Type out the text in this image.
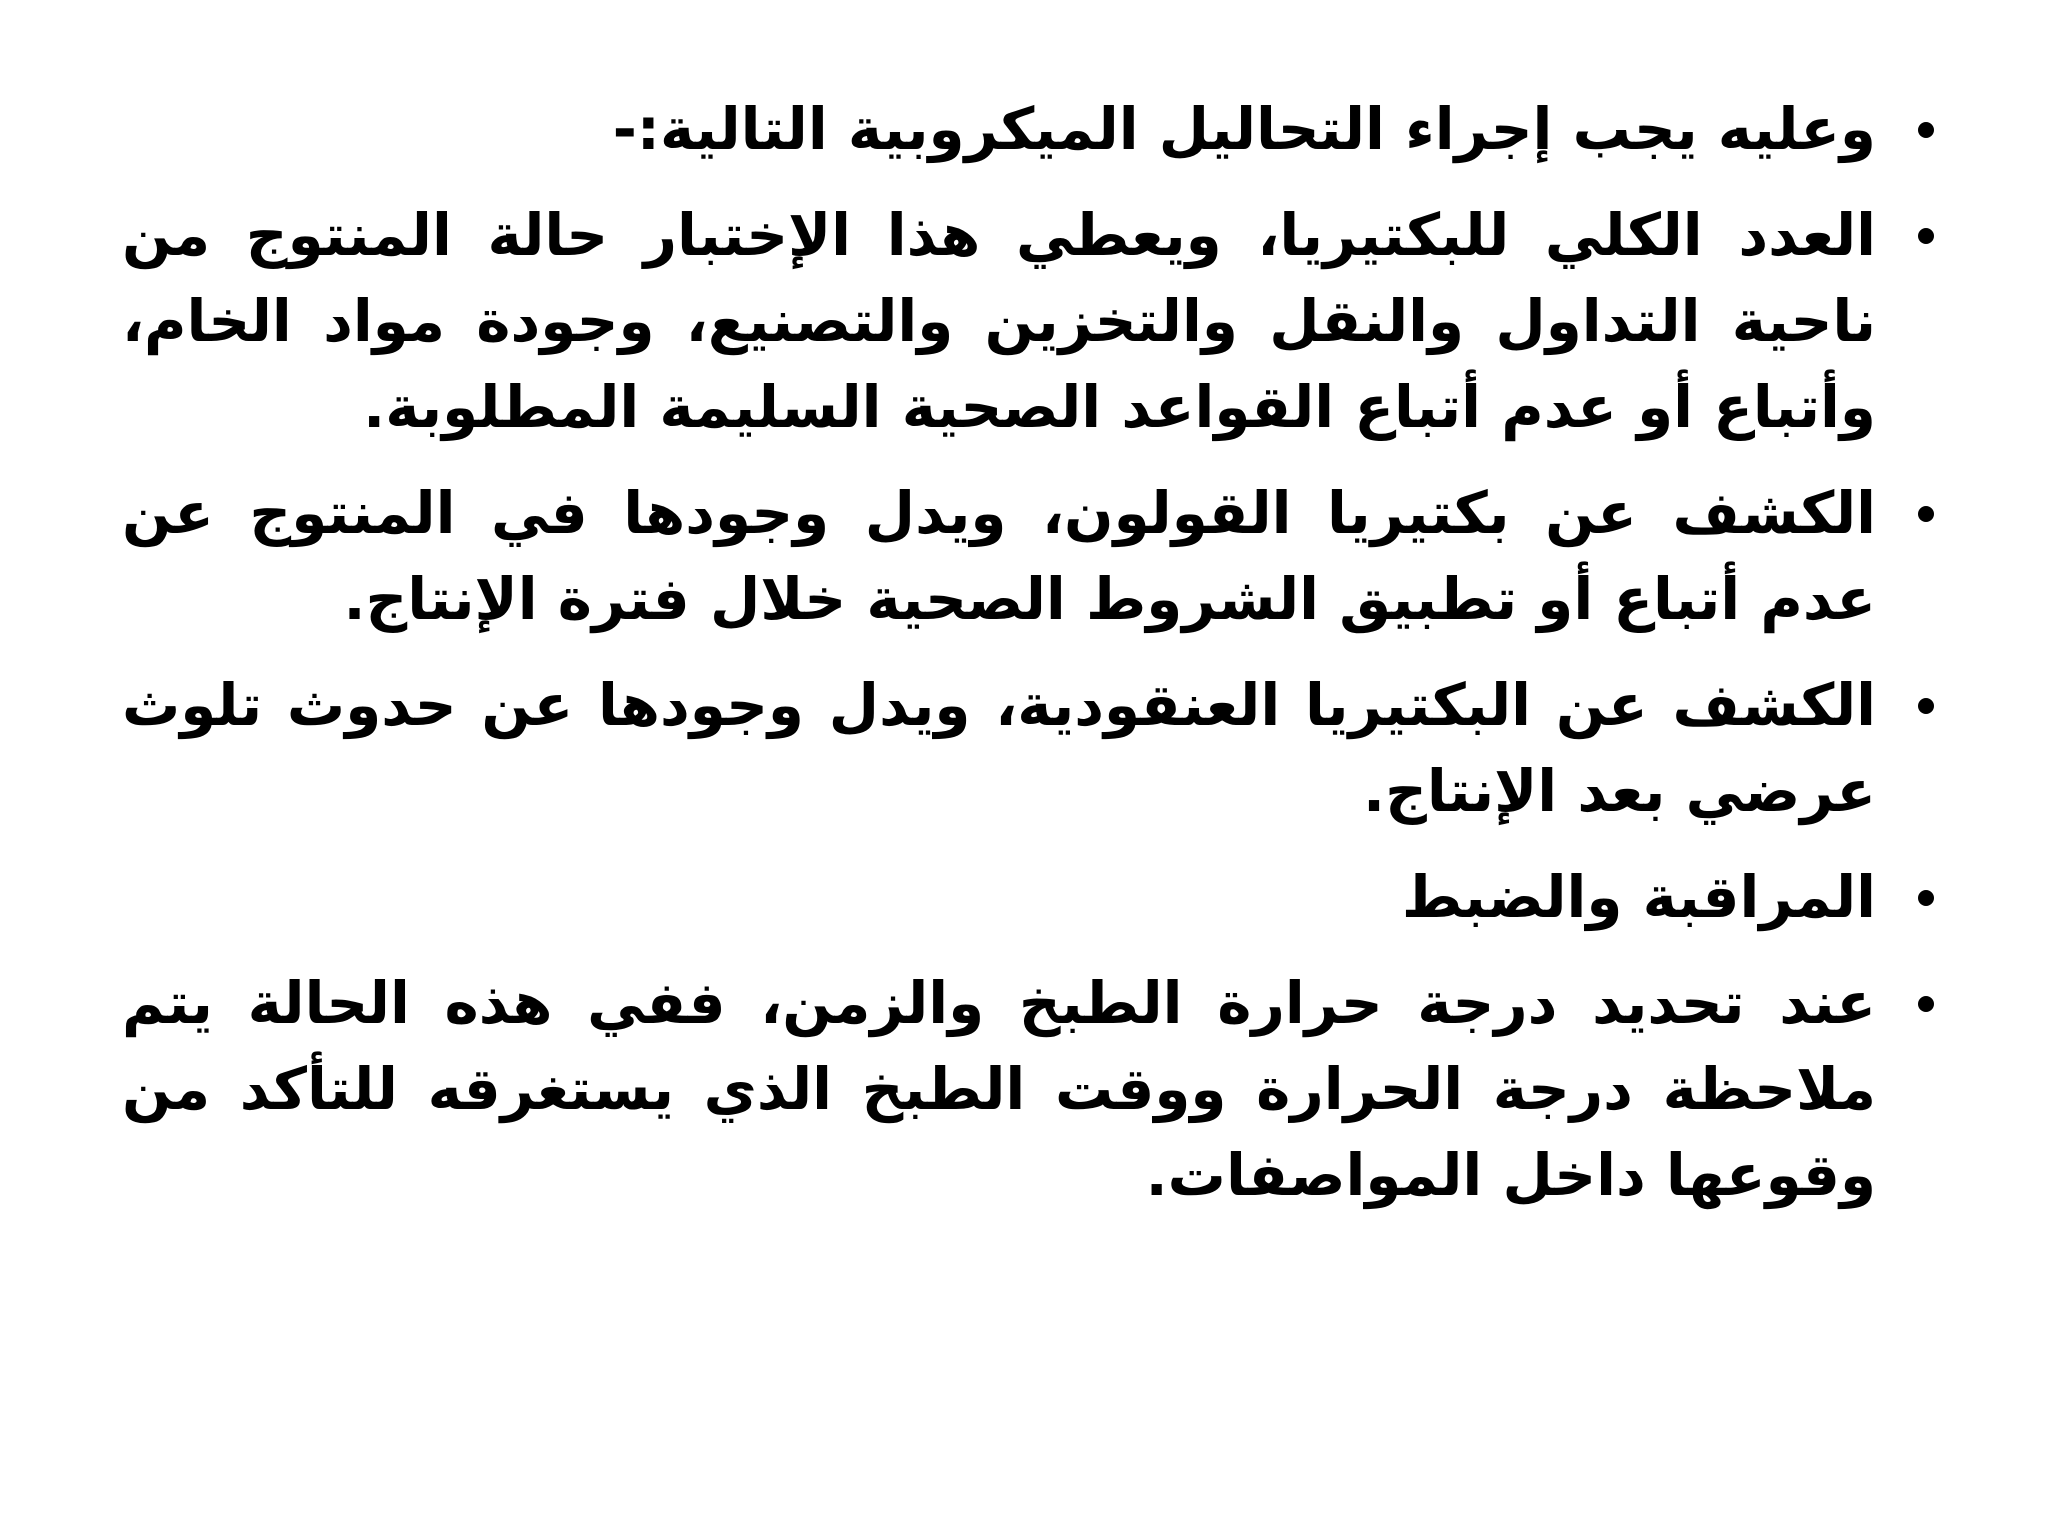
وعليه يجب إجراء التحاليل الميكروبية التالية:-
العدد الكلي للبكتيريا، ويعطي هذا الإختبار حالة المنتوج من ناحية التداول والنقل والتخزين والتصنيع، وجودة مواد الخام، وأتباع أو عدم أتباع القواعد الصحية السليمة المطلوبة.
الكشف عن بكتيريا القولون، ويدل وجودها في المنتوج عن عدم أتباع أو تطبيق الشروط الصحية خلال فترة الإنتاج.
الكشف عن البكتيريا العنقودية، ويدل وجودها عن حدوث تلوث عرضي بعد الإنتاج.
المراقبة والضبط
عند تحديد درجة حرارة الطبخ والزمن، ففي هذه الحالة يتم ملاحظة درجة الحرارة ووقت الطبخ الذي يستغرقه للتأكد من وقوعها داخل المواصفات.
